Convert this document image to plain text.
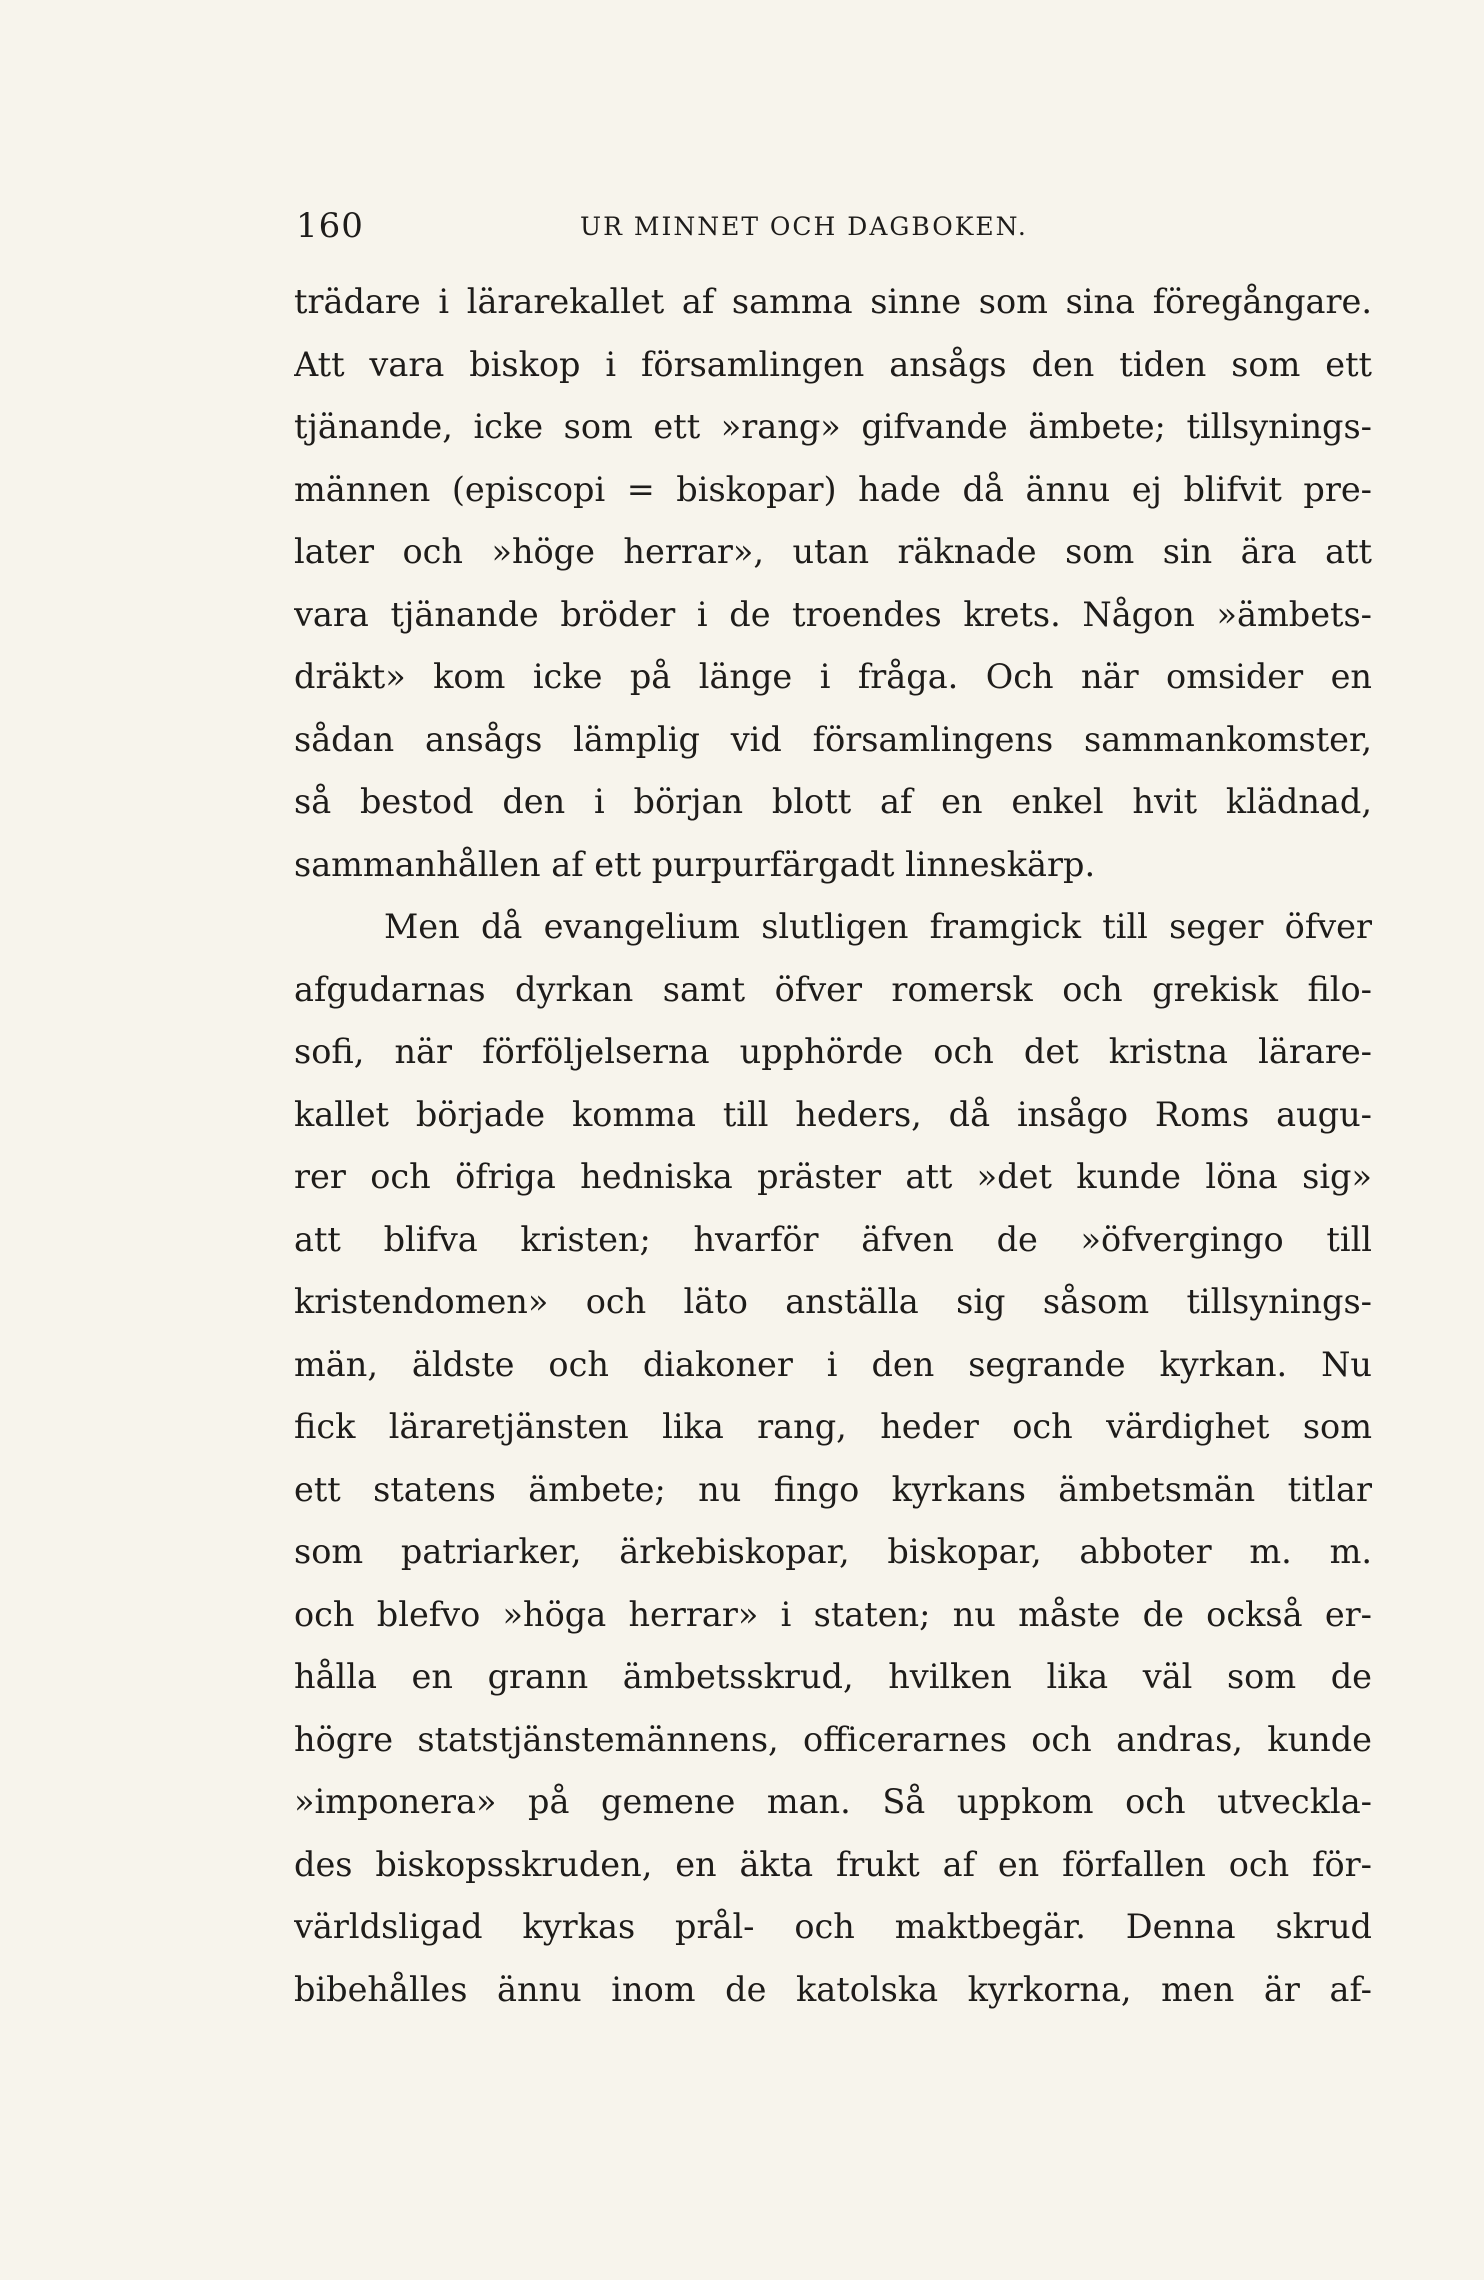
160	UR MINNET OCH DAGBOKEN.
trädare i lärarekallet af samma sinne som sina föregångare.
Att vara biskop i församlingen ansågs den tiden som ett
tjänande, icke som ett »rang» gifvande ämbete; tillsynings-
männen (episcopi = biskopar) hade då ännu ej blifvit pre-
later och »höge herrar», utan räknade som sin ära att
vara tjänande bröder i de troendes krets. Någon »ämbets-
dräkt» kom icke på länge i fråga. Och när omsider en
sådan ansågs lämplig vid församlingens sammankomster,
så bestod den i början blott af en enkel hvit klädnad,
sammanhållen af ett purpurfärgadt linneskärp.
Men då evangelium slutligen framgick till seger öfver
afgudarnas dyrkan samt öfver romersk och grekisk filo-
sofi, när förföljelserna upphörde och det kristna lärare-
kallet började komma till heders, då insågo Roms augu-
rer och öfriga hedniska präster att »det kunde löna sig»
att blifva kristen; hvarför äfven de »öfvergingo till
kristendomen» och läto anställa sig såsom tillsynings-
män, äldste och diakoner i den segrande kyrkan. Nu
fick läraretjänsten lika rang, heder och värdighet som
ett statens ämbete; nu fingo kyrkans ämbetsmän titlar
som patriarker, ärkebiskopar, biskopar, abboter m. m.
och blefvo »höga herrar» i staten; nu måste de också er-
hålla en grann ämbetsskrud, hvilken lika väl som de
högre statstjänstemännens, officerarnes och andras, kunde
»imponera» på gemene man. Så uppkom och utveckla-
des biskopsskruden, en äkta frukt af en förfallen och för-
världsligad kyrkas prål- och maktbegär. Denna skrud
bibehålles ännu inom de katolska kyrkorna, men är af-
